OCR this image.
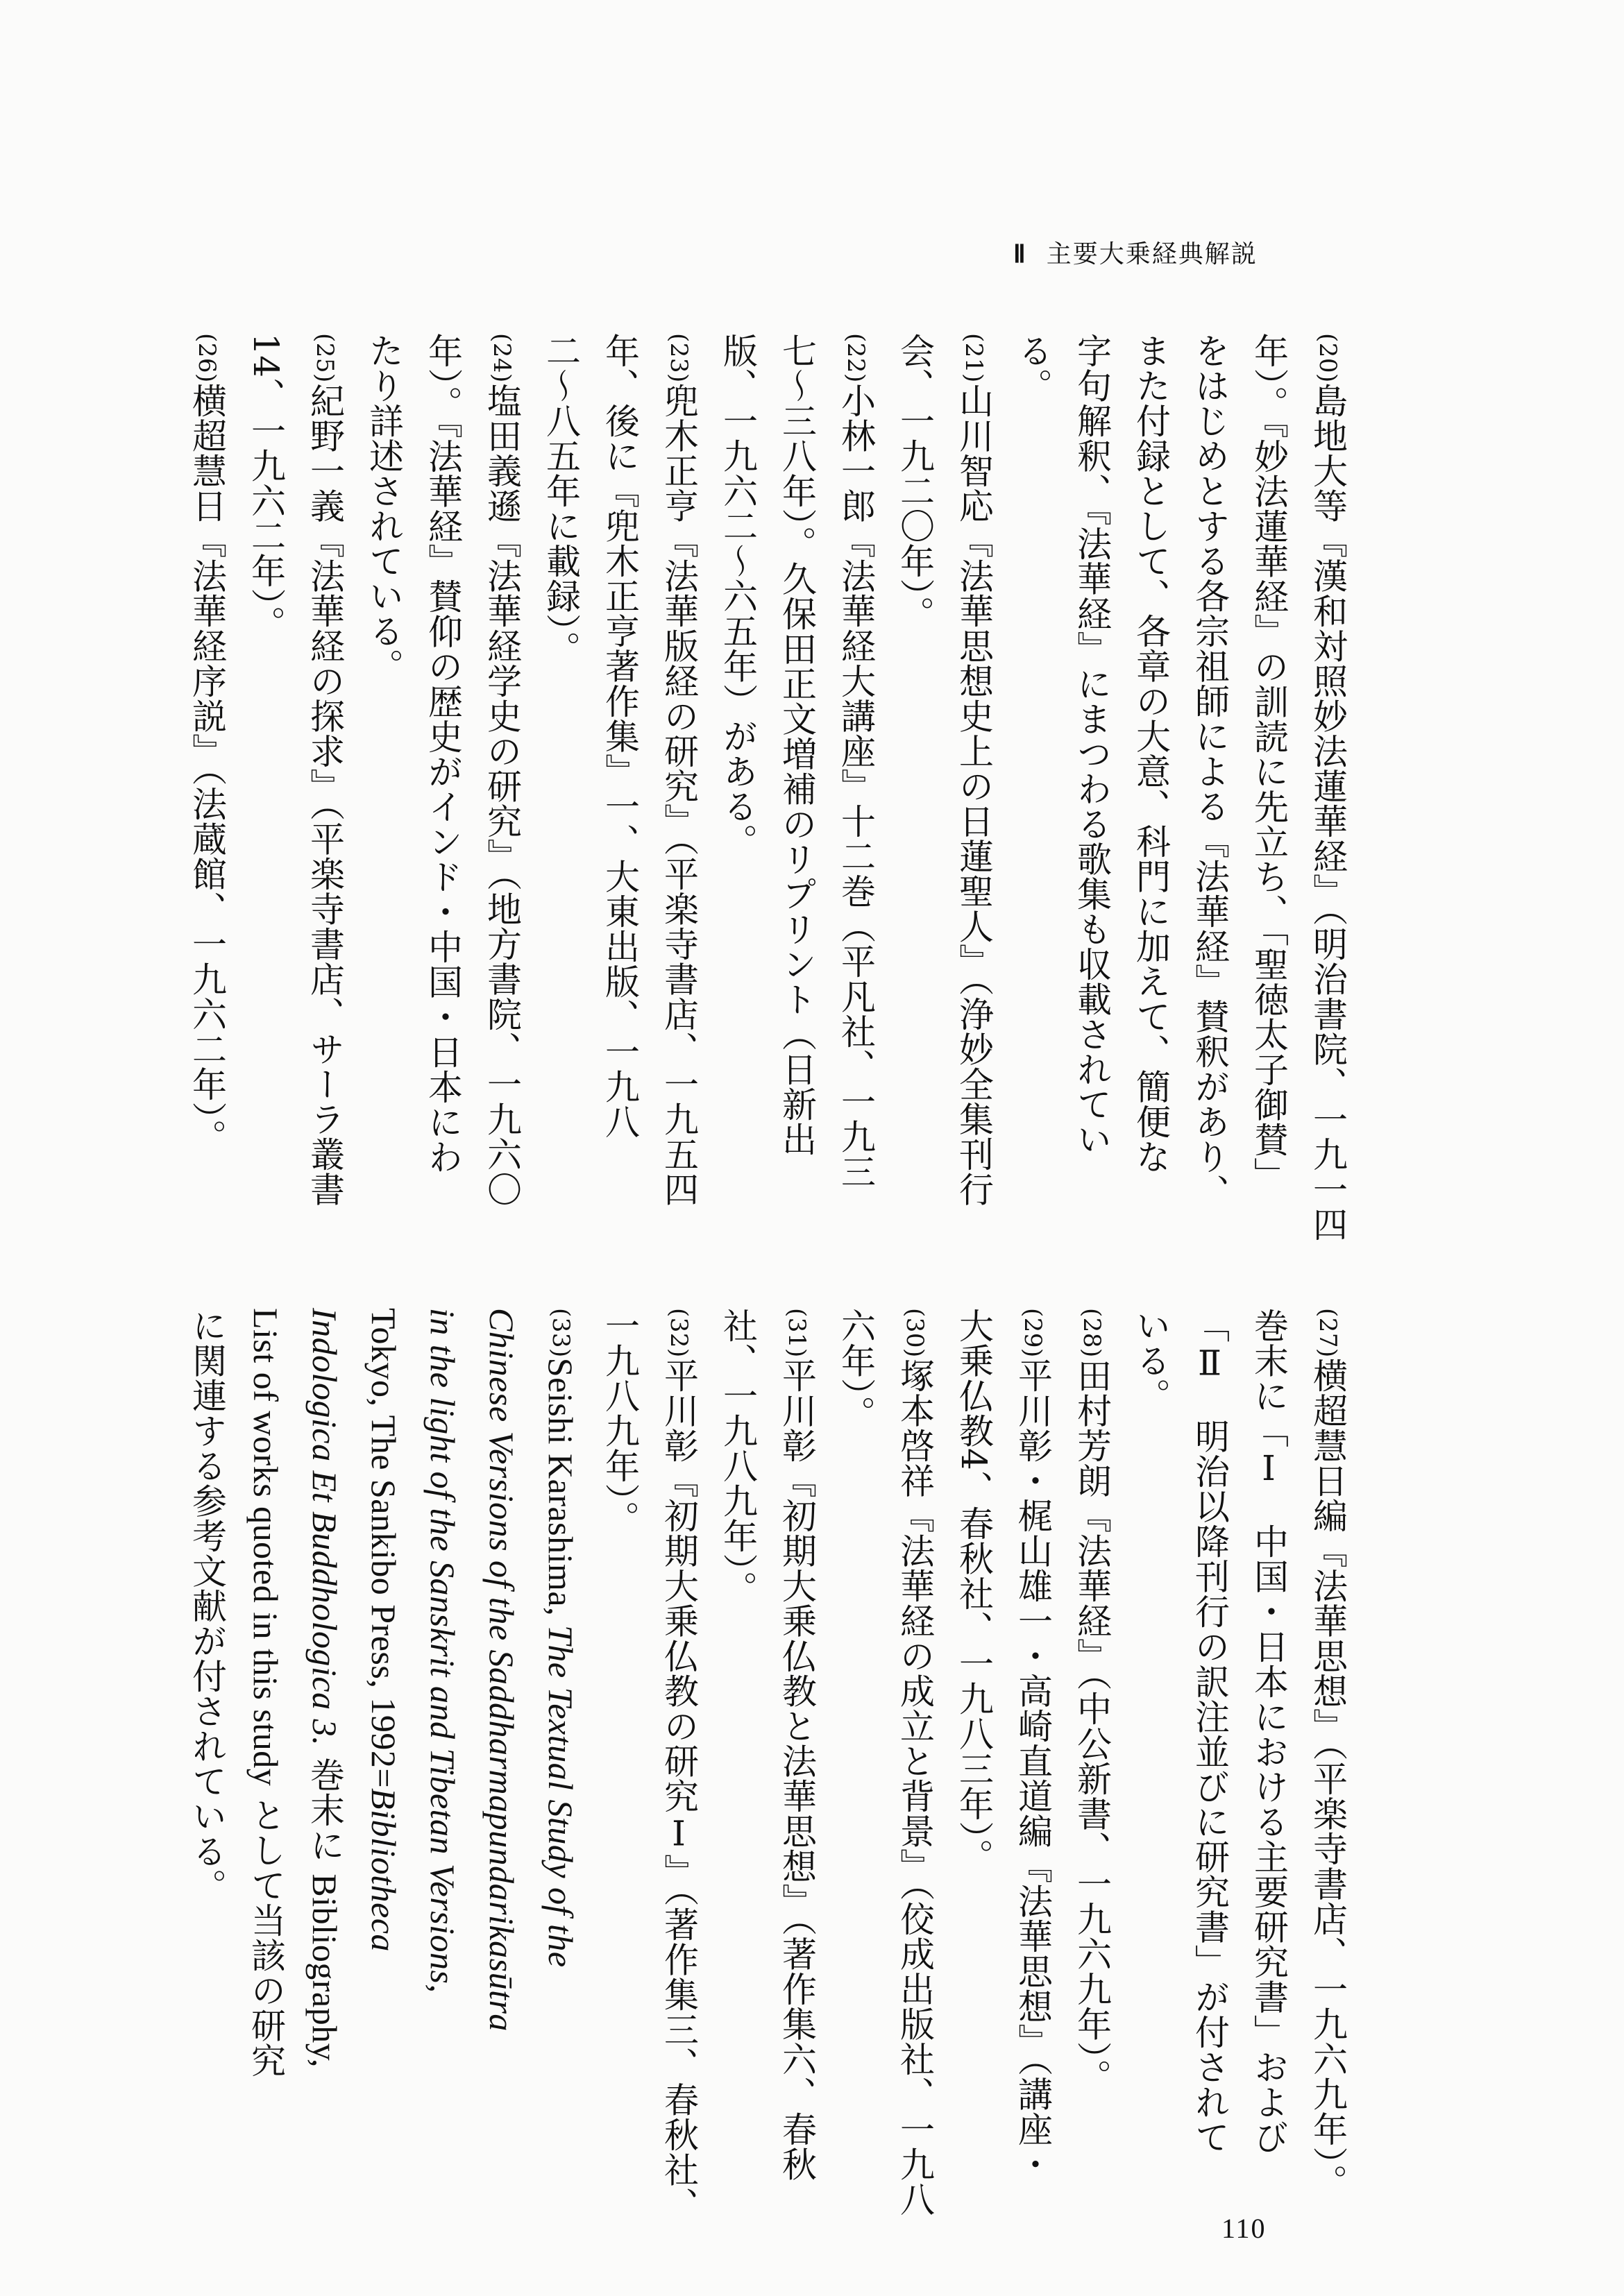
Ⅱ 主要大乗経典解説
(20)島地大等『漢和対照妙法蓮華経』（明治書院、一九一四
年）。『妙法蓮華経』の訓読に先立ち、「聖徳太子御賛」
をはじめとする各宗祖師による『法華経』賛釈があり、
また付録として、各章の大意、科門に加えて、簡便な
字句解釈、『法華経』にまつわる歌集も収載されてい
る。
(21)山川智応『法華思想史上の日蓮聖人』（浄妙全集刊行
会、一九二〇年）。
(22)小林一郎『法華経大講座』十二巻（平凡社、一九三
七～三八年）。久保田正文増補のリプリント（日新出
版、一九六二～六五年）がある。
(23)兜木正亨『法華版経の研究』（平楽寺書店、一九五四
年、後に『兜木正亨著作集』一、大東出版、一九八
二～八五年に載録）。
(24)塩田義遜『法華経学史の研究』（地方書院、一九六〇
年）。『法華経』賛仰の歴史がインド・中国・日本にわ
たり詳述されている。
(25)紀野一義『法華経の探求』（平楽寺書店、サーラ叢書
14、一九六二年）。
(26)横超慧日『法華経序説』（法蔵館、一九六二年）。
(27)横超慧日編『法華思想』（平楽寺書店、一九六九年）。
巻末に「Ⅰ　中国・日本における主要研究書」および
「Ⅱ　明治以降刊行の訳注並びに研究書」が付されて
いる。
(28)田村芳朗『法華経』（中公新書、一九六九年）。
(29)平川彰・梶山雄一・高崎直道編『法華思想』（講座・
大乗仏教4、春秋社、一九八三年）。
(30)塚本啓祥『法華経の成立と背景』（佼成出版社、一九八
六年）。
(31)平川彰『初期大乗仏教と法華思想』（著作集六、春秋
社、一九八九年）。
(32)平川彰『初期大乗仏教の研究Ⅰ』（著作集三、春秋社、
一九八九年）。
(33)Seishi Karashima, The Textual Study of the
Chinese Versions of the Saddharmapundarikasūtra
in the light of the Sanskrit and Tibetan Versions,
Tokyo, The Sankibo Press, 1992=Bibliotheca
Indologica Et Buddhologica 3. 巻末に Bibliography,
List of works quoted in this study として当該の研究
に関連する参考文献が付されている。
110
